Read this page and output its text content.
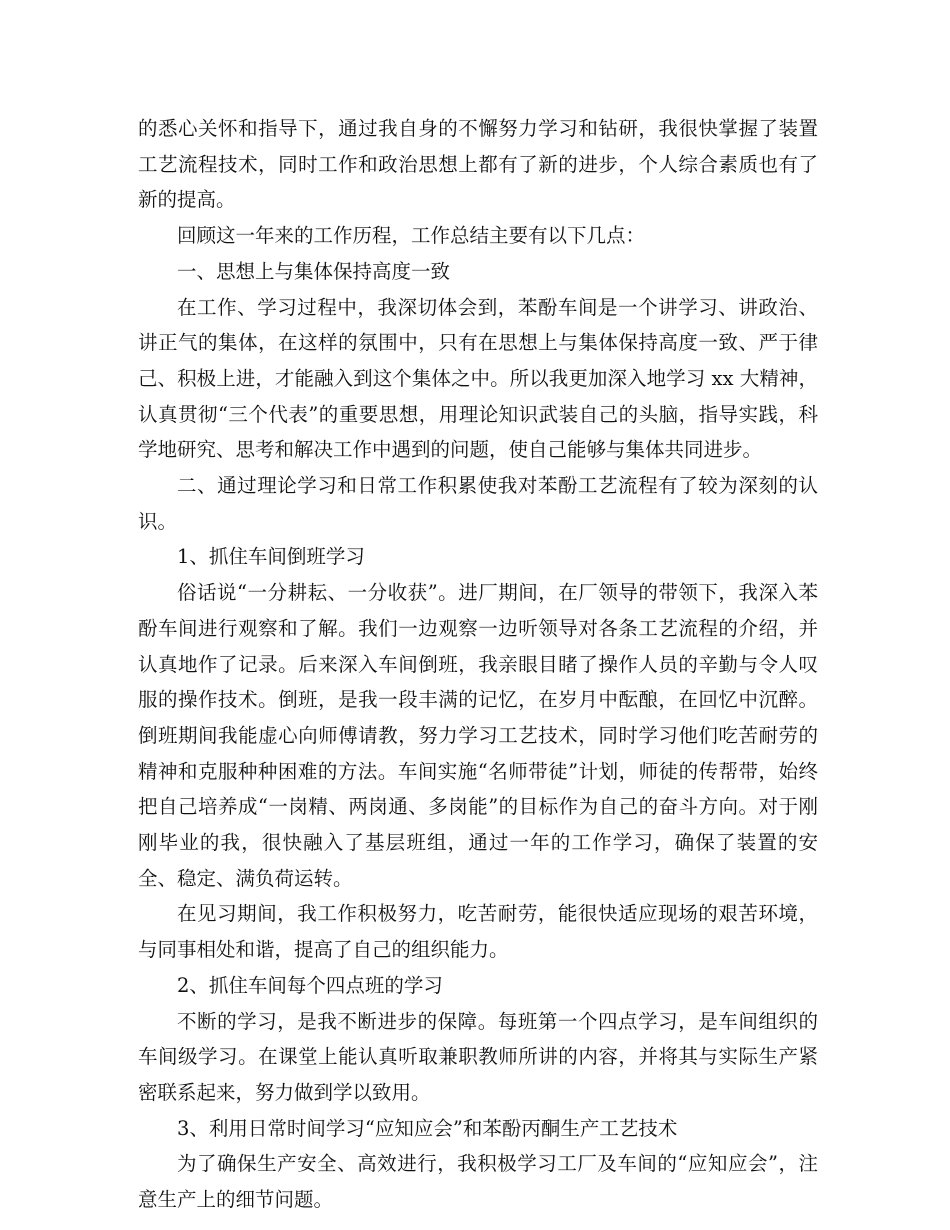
的悉心关怀和指导下，通过我自身的不懈努力学习和钻研，我很快掌握了装置工艺流程技术，同时工作和政治思想上都有了新的进步，个人综合素质也有了新的提高。

回顾这一年来的工作历程，工作总结主要有以下几点：

一、思想上与集体保持高度一致

在工作、学习过程中，我深切体会到，苯酚车间是一个讲学习、讲政治、讲正气的集体，在这样的氛围中，只有在思想上与集体保持高度一致、严于律己、积极上进，才能融入到这个集体之中。所以我更加深入地学习 xx 大精神，认真贯彻“三个代表”的重要思想，用理论知识武装自己的头脑，指导实践，科学地研究、思考和解决工作中遇到的问题，使自己能够与集体共同进步。

二、通过理论学习和日常工作积累使我对苯酚工艺流程有了较为深刻的认识。

1、抓住车间倒班学习

俗话说“一分耕耘、一分收获”。进厂期间，在厂领导的带领下，我深入苯酚车间进行观察和了解。我们一边观察一边听领导对各条工艺流程的介绍，并认真地作了记录。后来深入车间倒班，我亲眼目睹了操作人员的辛勤与令人叹服的操作技术。倒班，是我一段丰满的记忆，在岁月中酝酿，在回忆中沉醉。倒班期间我能虚心向师傅请教，努力学习工艺技术，同时学习他们吃苦耐劳的精神和克服种种困难的方法。车间实施“名师带徒”计划，师徒的传帮带，始终把自己培养成“一岗精、两岗通、多岗能”的目标作为自己的奋斗方向。对于刚刚毕业的我，很快融入了基层班组，通过一年的工作学习，确保了装置的安全、稳定、满负荷运转。

在见习期间，我工作积极努力，吃苦耐劳，能很快适应现场的艰苦环境，与同事相处和谐，提高了自己的组织能力。

2、抓住车间每个四点班的学习

不断的学习，是我不断进步的保障。每班第一个四点学习，是车间组织的车间级学习。在课堂上能认真听取兼职教师所讲的内容，并将其与实际生产紧密联系起来，努力做到学以致用。

3、利用日常时间学习“应知应会”和苯酚丙酮生产工艺技术

为了确保生产安全、高效进行，我积极学习工厂及车间的“应知应会”，注意生产上的细节问题。
